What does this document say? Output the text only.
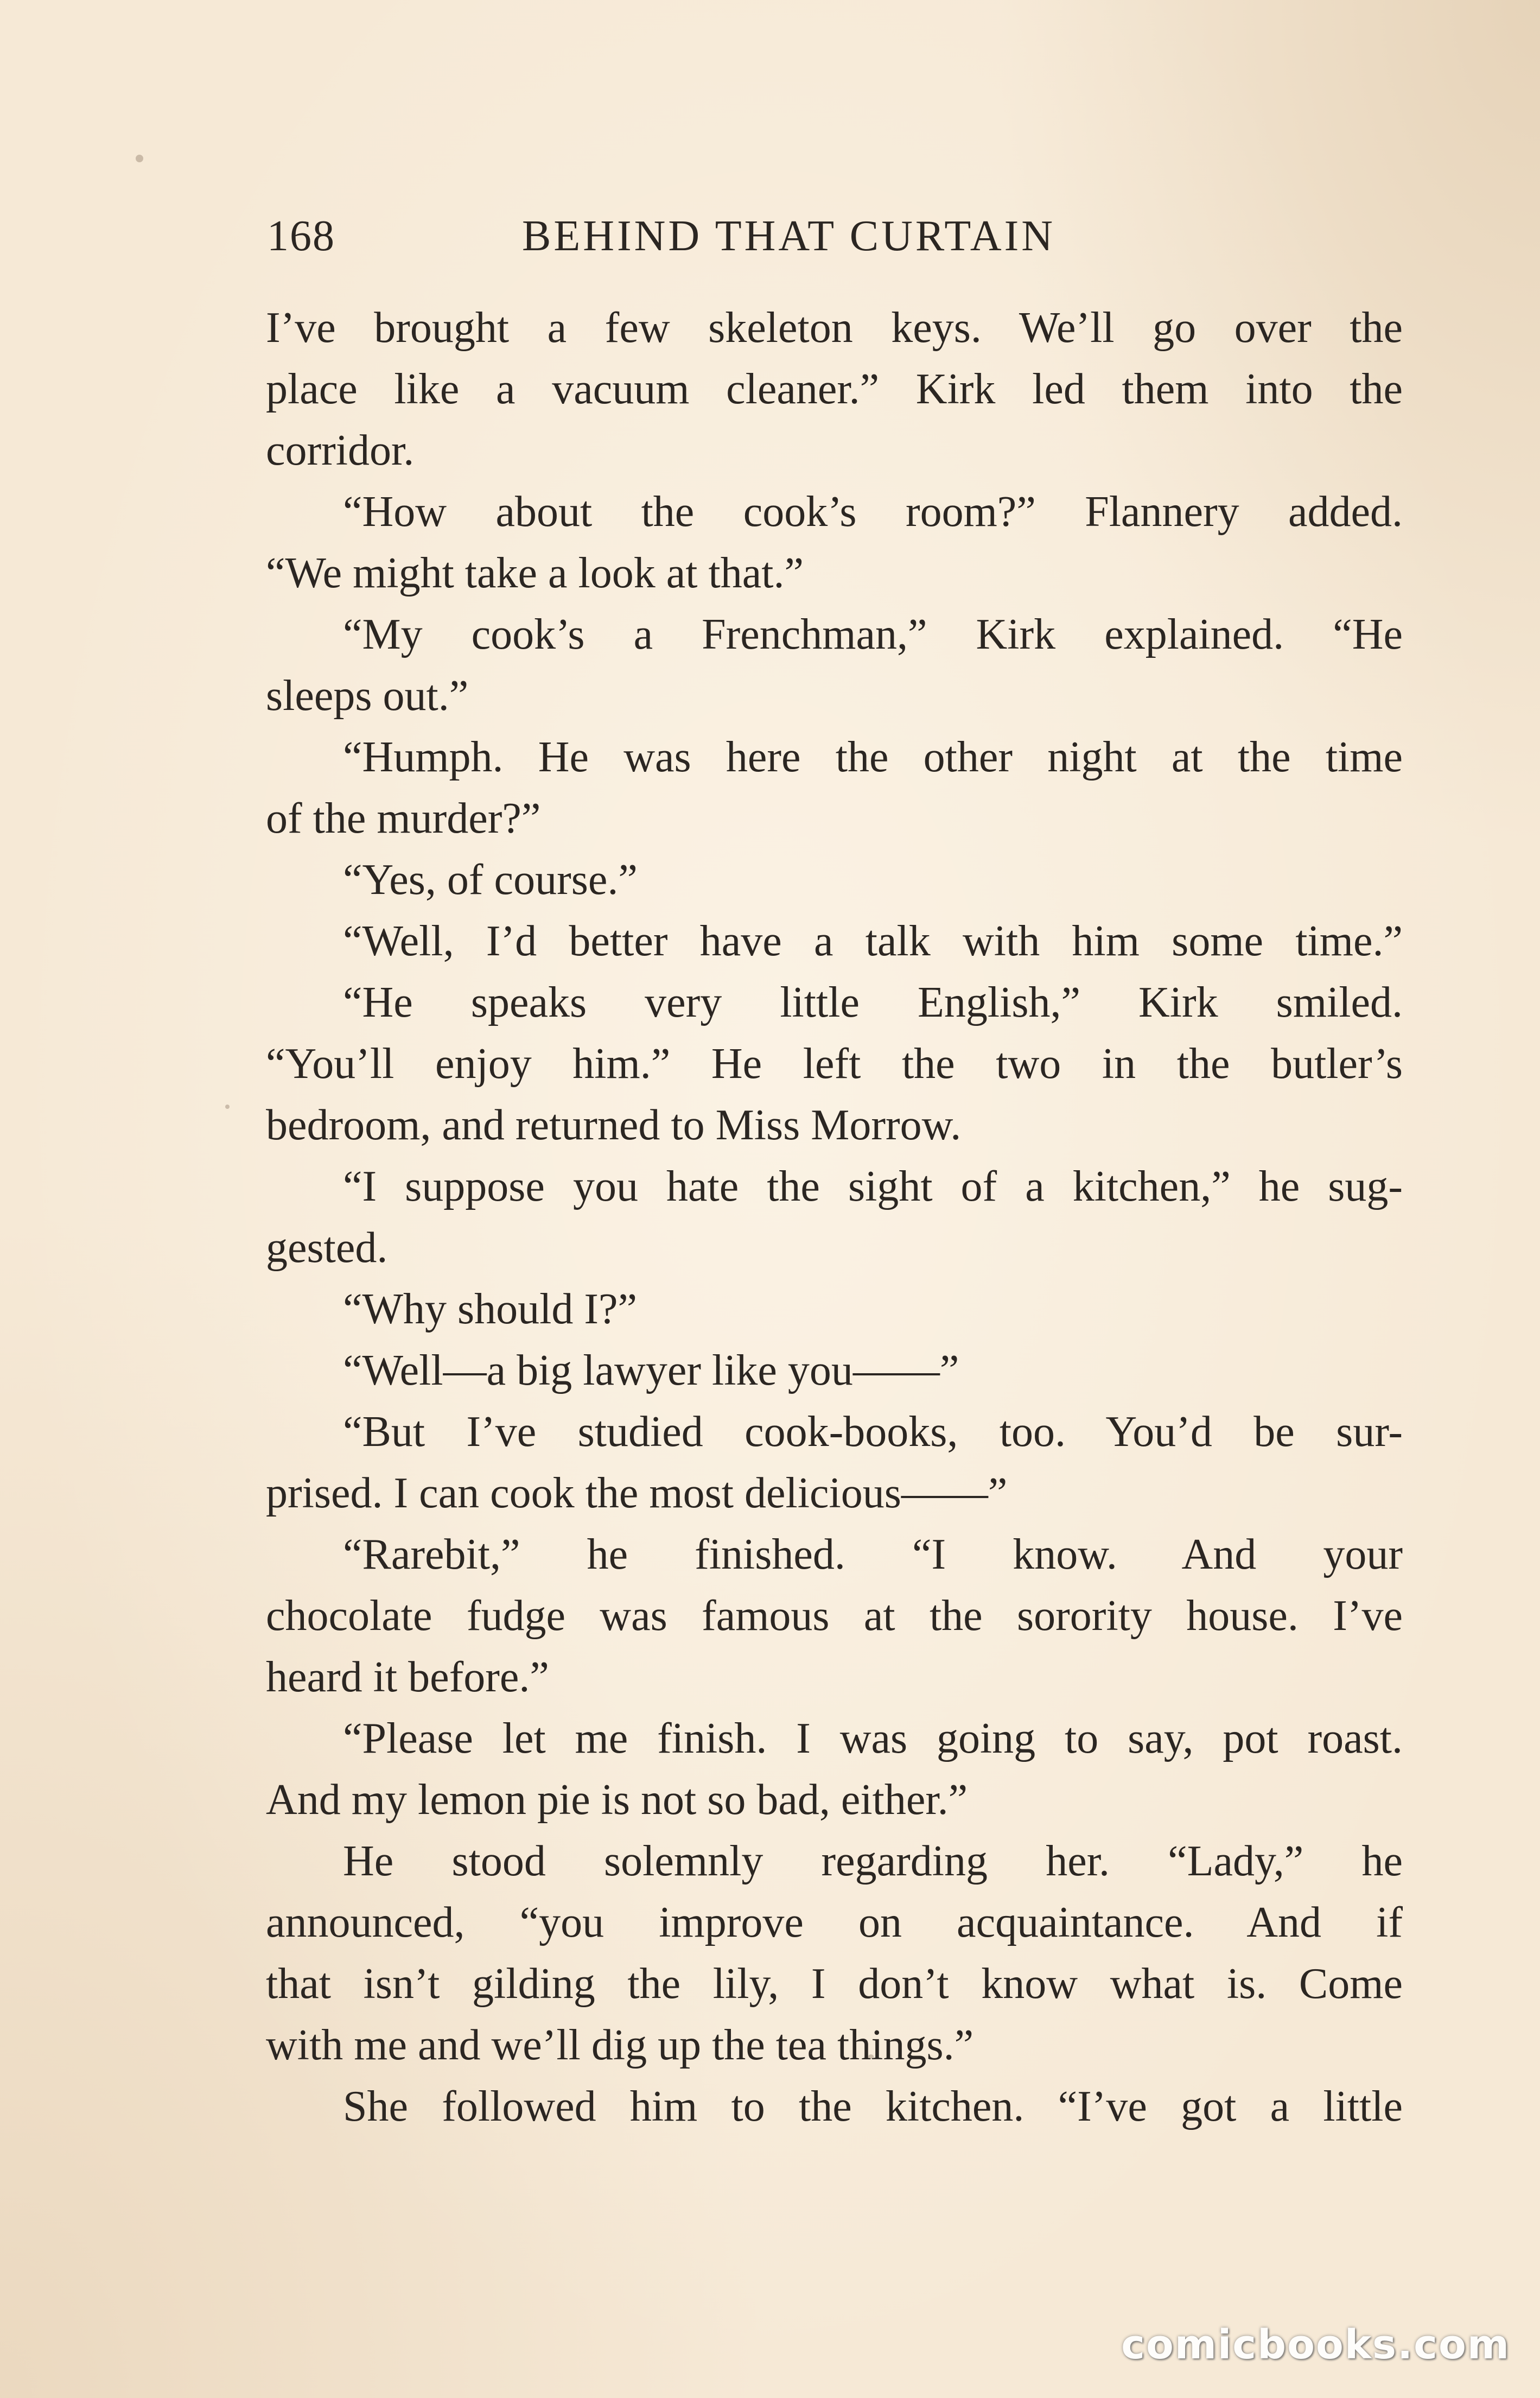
168	BEHIND THAT CURTAIN
I’ve brought a few skeleton keys. We’ll go over the
place like a vacuum cleaner.” Kirk led them into the
corridor.
“How about the cook’s room?” Flannery added.
“We might take a look at that.”
“My cook’s a Frenchman,” Kirk explained. “He
sleeps out.”
“Humph. He was here the other night at the time
of the murder?”
“Yes, of course.”
“Well, I’d better have a talk with him some time.”
“He speaks very little English,” Kirk smiled.
“You’ll enjoy him.” He left the two in the butler’s
bedroom, and returned to Miss Morrow.
“I suppose you hate the sight of a kitchen,” he sug-
gested.
“Why should I?”
“Well—a big lawyer like you——”
“But I’ve studied cook-books, too. You’d be sur-
prised. I can cook the most delicious——”
“Rarebit,” he finished. “I know. And your
chocolate fudge was famous at the sorority house. I’ve
heard it before.”
“Please let me finish. I was going to say, pot roast.
And my lemon pie is not so bad, either.”
He stood solemnly regarding her. “Lady,” he
announced, “you improve on acquaintance. And if
that isn’t gilding the lily, I don’t know what is. Come
with me and we’ll dig up the tea things.”
She followed him to the kitchen. “I’ve got a little
comicbooks.com
